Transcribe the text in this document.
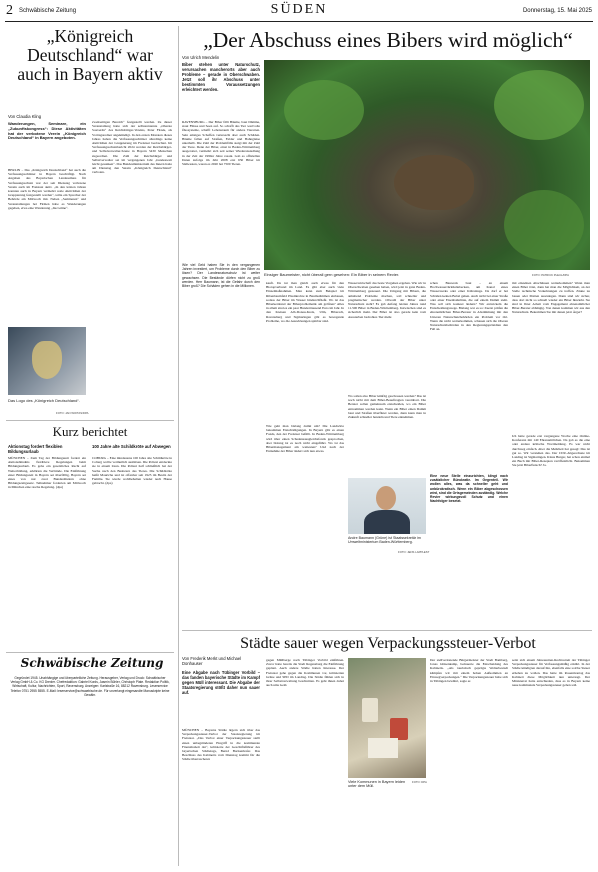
2 Schwäbische Zeitung	SÜDEN	Donnerstag, 15. Mai 2025
„Königreich Deutschland“ war auch in Bayern aktiv
Von Claudia Kling
Wanderungen, Seminare, ein „Zukunftskongress“: Diese Aktivitäten hat der verbotene Verein „Königreich Deutschland“ in Bayern angeboten.
BERLIN – Das „Königreich Deutschland“ hat auch die Verfassungsschützer in Bayern beschäftigt. Nach Angaben des Bayerischen Landesamtes für Verfassungsschutz war der seit Dienstag verbotene Verein auch im Freistaat aktiv. „In den letzten Jahren konnten auch in Bayern vermehrt reale Aktivitäten der Gruppierung festgestellt werden“, teilte ein Sprecher der Behörde am Mittwoch mit. Neben „Seminaren“ und Veranstaltungen bei Firmen habe es Wanderungen gegeben, etwa eine Wanderung „Ins Grüne“.
zweitseitigen Bereich“ festgestellt werden. Zu dieser Veranstaltung hatte sich der selbsternannte „Oberste Souverän“ des Reichsbürger-Vereins, Peter Fitzek, als Vortragsredner angekündigt. In den ersten Monaten dieses Jahres haben die Verfassungsschützer allerdings keine Aktivitäten der Gruppierung im Freistaat beobachtet. Im Verfassungsschutzbericht 2024 werden der Reichsbürger- und Selbstverwalter-Szene in Bayern 5430 Menschen zugeordnet. Die Zahl der Reichsbürger und Selbstverwalter sei im vergangenen Jahr „bundesweit leicht gesunken“. Das Bundesministerium des Innern hatte am Dienstag den Verein „Königreich Deutschland“ verboten.
Das Logo des „Königreich Deutschland“.
FOTO: JAN WOITAS/DPA
Kurz berichtet
Aktionstag fordert flexiblen Bildungsurlaub
MÜNCHEN – Zum Tag der Bildungszeit fordert ein Aktionsbündnis flexiblere Regelungen beim Bildungsurlaub. Es gebe ein gesetzliches Recht auf Weiterbildung, erklärten die Verbände. Die Einführung einer Bildungszeit in Bayern sei überfällig, Bayern sei eines von nur zwei Bundesländern ohne Bildungszeitgesetz. Teilnehmer forderten am Mittwoch in München eine rasche Regelung. (dpa)
100 Jahre alte Schildkröte auf Abwegen
COBURG – Eine mindestens 100 Jahre alte Schildkröte in Coburg wollte vermutlich ausbüxen. Die Polizei entdeckte sie in einem Zaun. Die Polizei half schließlich bei der Suche nach den Besitzern des Tieres. Die Schildkröte heißt Mauriche und ist offenbar seit 1925 im Besitz der Familie. Sie wurde wohlbehalten wieder nach Hause gebracht. (dpa)
Schwäbische Zeitung
Gegründet 1945. Unabhängige und überparteiliche Zeitung. Herausgeber, Verlag und Druck: Schwäbischer Verlag GmbH & Co. KG Drexler. Chefredaktion: Gabriel Kords, Jasmin Bühler, Christoph Plate. Redaktion Politik, Wirtschaft, Kultur, Nachrichten, Sport, Ravensburg. Anzeigen: Karlstraße 16, 88212 Ravensburg. Leserservice Telefon 0751 2955 5555. E-Mail: leserservice@schwaebische.de. Für unverlangt eingesandte Manuskripte keine Gewähr.
„Der Abschuss eines Bibers wird möglich“
Von Ulrich Mendelin
Biber stehen unter Naturschutz, verursachen mancherorts aber auch Probleme – gerade in Oberschwaben. Jetzt soll ihr Abschuss unter bestimmten Voraussetzungen erleichtert werden.
RAVENSBURG – Der Biber fällt Bäume, baut Dämme, staut Flüsse und Seen auf. So schafft das Tier wertvolle Ökosysteme, schafft Lebensraum für andere Tierarten. Sein emsiges Schaffen verursacht aber auch Schäden. Bäume fallen auf Straßen, Felder und Bahngleise unterhalb. Die Zahl der Problemfälle steigt mit der Zahl der Tiere. Denn der Biber, einst in Baden-Württemberg ausgerottet, vermehrt sich seit seiner Wiederansiedlung in der Zeit der 1990er Jahre rasant. Gab es offiziellen Daten zufolge im Jahr 2008 erst 650 Biber im Südwesten, waren es 2020 bei 7500 Tieren.
Wie viel Geld haben Sie in den vergangenen Jahren investiert, um Probleme durch den Biber zu lösen? Der Landesnaturschutz ist weiter gewachsen. Die Bestände dürfen nicht zu groß werden. Herr Baumann, ist die Gefahr durch den Biber groß? Die Schäden gehen in die Millionen.
Einsiger Baumeister, nicht überall gern gesehen: Ein Biber in seinem Revier.	FOTO: PATRICK PLEUL/DPA
kauft. Da tut man gleich auch etwas für den Biotopverbund im Land. Es gibt aber auch viele Einzelmaßnahmen. Man kann zum Beispiel im Ribenbaumfeld Plastikrohre in Baumstämmen einbauen, sodass der Biber im Wasser hindurchfließt. Wo ist das Biberkernland der Biberproblematik am größten? Alles in allem sind es ein paar Hunderttausend Euro im Jahr. In den Kreisen Alb-Donau-Kreis, Ulm, Biberach, Ravensburg und Sigmaringen gibt es bewegende Probleme, wo die Auswirkungen spürbar sind.
Wie geht man bislang damit um? Die Landwirte bekommen Entschädigungen. In Bayern gibt es einen Fonds, den der Freistaat befüllt. In Baden-Württemberg wird über einen Schadensausgleichsfonds gesprochen, aber bislang ist es noch nicht eingeführt. Wo ist das Bibermanagement am weitesten? Und nach der Entnahme der Biber ändert sich nun etwas.
Wasserwirtschaft das beste Vorgehen ergeben. Wie wir in Oberschwaben gesehen haben, wird jetzt in ganz Baden-Württemberg gesteuert. Die Umgang mit Bibern, die anhaltend Probleme machen, soll schneller und pragmatischer werden. Obwohl der Biber unter Naturschutz steht? Es gab Anfang letzten Jahres rund 11.500 Biber in Baden-Württemberg. Inzwischen sind es sicherlich mehr. Der Biber ist also gerade kein vom Aussterben bedrohtes Tier mehr.
Wo sollen also Biber künftig geschossen werden? Das ist noch nicht mit dem Biber-Beauftragten vereinbart. Die Berater sollen gemeinsam entscheiden, wo ein Biber entnommen werden kann. Wenn ein Biber einen Damm baut und Straßen überflutet werden, dann kann man in Zukunft schneller handeln und Tiere entnehmen.
Andre Baumann (Grüne) ist Staatssekretär im Umweltministerium Baden-Württemberg.
FOTO: JENS LAPPLEST
schen Bauwerk baut – an einem Hochwasserrückhaltebecken, am Kanal eines Wasserwerks oder einer Kläranlage. Da darf er bei Schäden keinen Babel gehen. Auch nicht bei einer Straße oder einer Eisenbahnlinie, die auf einem Damm steht. Was soll sich konkret ändern? Wir entwickeln die Entscheidungswege. Bislang war es so: Zuerst prüfen die ehrenamtlichen Biber-Berater in Abstimmung mit den Unteren Naturschutzbehörden ein Problem vor Ort. Wenn die nicht weiterkommen, schauen sich die Oberen Naturschutzbehörden in den Regierungspräsidien den Fall an.
Eine neue Stelle einzurichten, klingt nach zusätzlicher Bürokratie. Im Gegenteil. Wir wollen alles, was da schneller geht und unbürokratisch. Wenn ein Biber abgeschossen wird, sind die Ortsgemeinden zuständig. Welche Revier wirkungsvoll Schutz und einen Nachfolger besetzt.
mit einzelnen Abschüssen weiterkommen? Wenn man einen Biber tötet, dann hat man die Möglichkeit, an der Stelle technische Vorkehrungen zu treffen. Zäune zu bauen oder Matten auszulegen. Dann sind wir sicher, dass dort nicht so schnell wieder ein Biber hinzieht. Sie sind in Ihrer Arbeit vom Engagement ehrenamtlicher Biber-Berater abhängig. Von denen kommen wir aus den Naturschutz. Bekommen Sie mit denen jetzt Ärger?
Ich hatte gerade erst vergangene Woche eine Online-Konferenz mit 140 Ehrenamtlichen. Da gab es die eine oder andere kritische Wortmeldung. Es war nicht durchweg einfach. Aber die Mehrheit hat gesagt: Das ist gut so. Wir verstehen das. Der CDU-Abgeordnete im Landtag ist Sigmaringen. Klaus Burger, hat schon einmal ein Buch mit Biber-Rezepten veröffentlicht. Bekommen Sie jetzt Biberfleisch? Ja.
Städte sauer wegen Verpackungssteuer-Verbot
Von Frederik Merkt und Michael Donhauser
Eine Abgabe nach Tübinger Vorbild – das fanden bayerische Städte im Kampf gegen Müll interessant. Die Abgabe der Staatsregierung stößt daher nun sauer auf.
MÜNCHEN – Bayerns Städte ärgern sich über das Verpackungssteuer-Verbot der Staatsregierung im Freistaat. „Das Verbot einer Verpackungssteuer stellt einen unbegründeten Eingriff in die kommunale Finanzhoheit dar“, kritisierte der Geschäftsführer des bayerischen Städtetags, Bernd Buckenhofer. Das Beschluss des Kabinetts vom Dienstag kommt für die Städte überraschend.
gegen Müllberge nach Tübinger Vorbild einführen. Zuvor hatte bereits die Stadt Regensburg die Einführung geplant. Auch andere Städte hatten Interesse. Der Freistaat gehe gegen die Kommunen vor, kritisierten Grüne und SPD im Landtag. Die Städte fühlen sich in ihrer Selbstverwaltung beschnitten. Es geht ihnen dabei auch ums Geld.
Viele Kommunen in Bayern leiden unter dem Müll.
FOTO: DPA
Der stellvertretende Bürgermeister der Stadt Bamberg, Jonas Glüsenkamp, bedauerte die Entscheidung des Kabinetts. „Als touristisch geprägte Welterbestadt kämpfen wir mit einem hohen Aufkommen an Einwegverpackungen.“ Die Verpackungssteuer habe sich in Tübingen bewährt, sagte er.
setzt sich einem Jahreszeiten-Rechtsstreit der Tübinger Verpackungssteuer für Verfassungsmäßig erklärt. In der Städte kündigten darauf hin, ebenfalls eine solche Steuer erheben zu wollen. Das hatte im Rosenmontag das Kabinett diese Möglichkeit nun untersagt. Der Ministerrat hatte entschieden, dass es in Bayern keine neue kommunale Verpackungssteuer geben soll.
